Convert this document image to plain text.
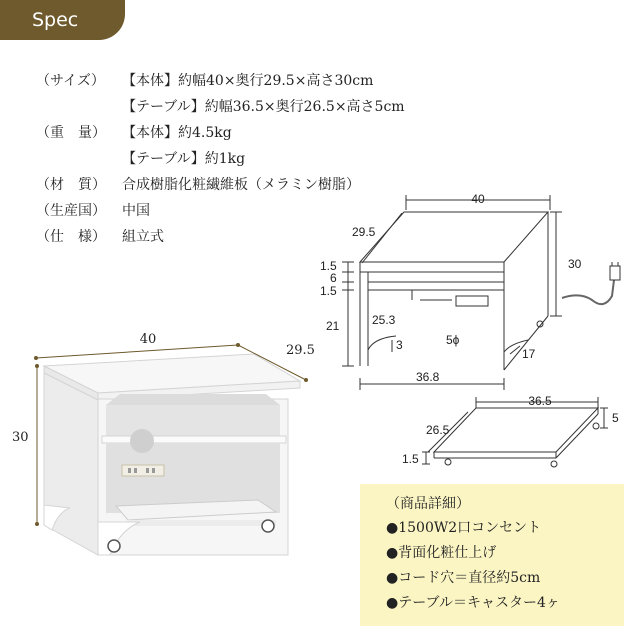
Spec
（サイズ）	【本体】約幅40×奥行29.5×高さ30cm
【テーブル】約幅36.5×奥行26.5×高さ5cm
（重　量）	【本体】約4.5kg
【テーブル】約1kg
（材　質）	合成樹脂化粧繊維板（メラミン樹脂）
（生産国）	中国
（仕　様）	組立式
40
29.5
30
40
29.5
30
1.5
6
1.5
21	25.3
3	5ϕ
17
36.8
36.5
26.5
5
1.5
（商品詳細）
●1500W2口コンセント
●背面化粧仕上げ
●コード穴＝直径約5cm
●テーブル＝キャスター4ヶ
